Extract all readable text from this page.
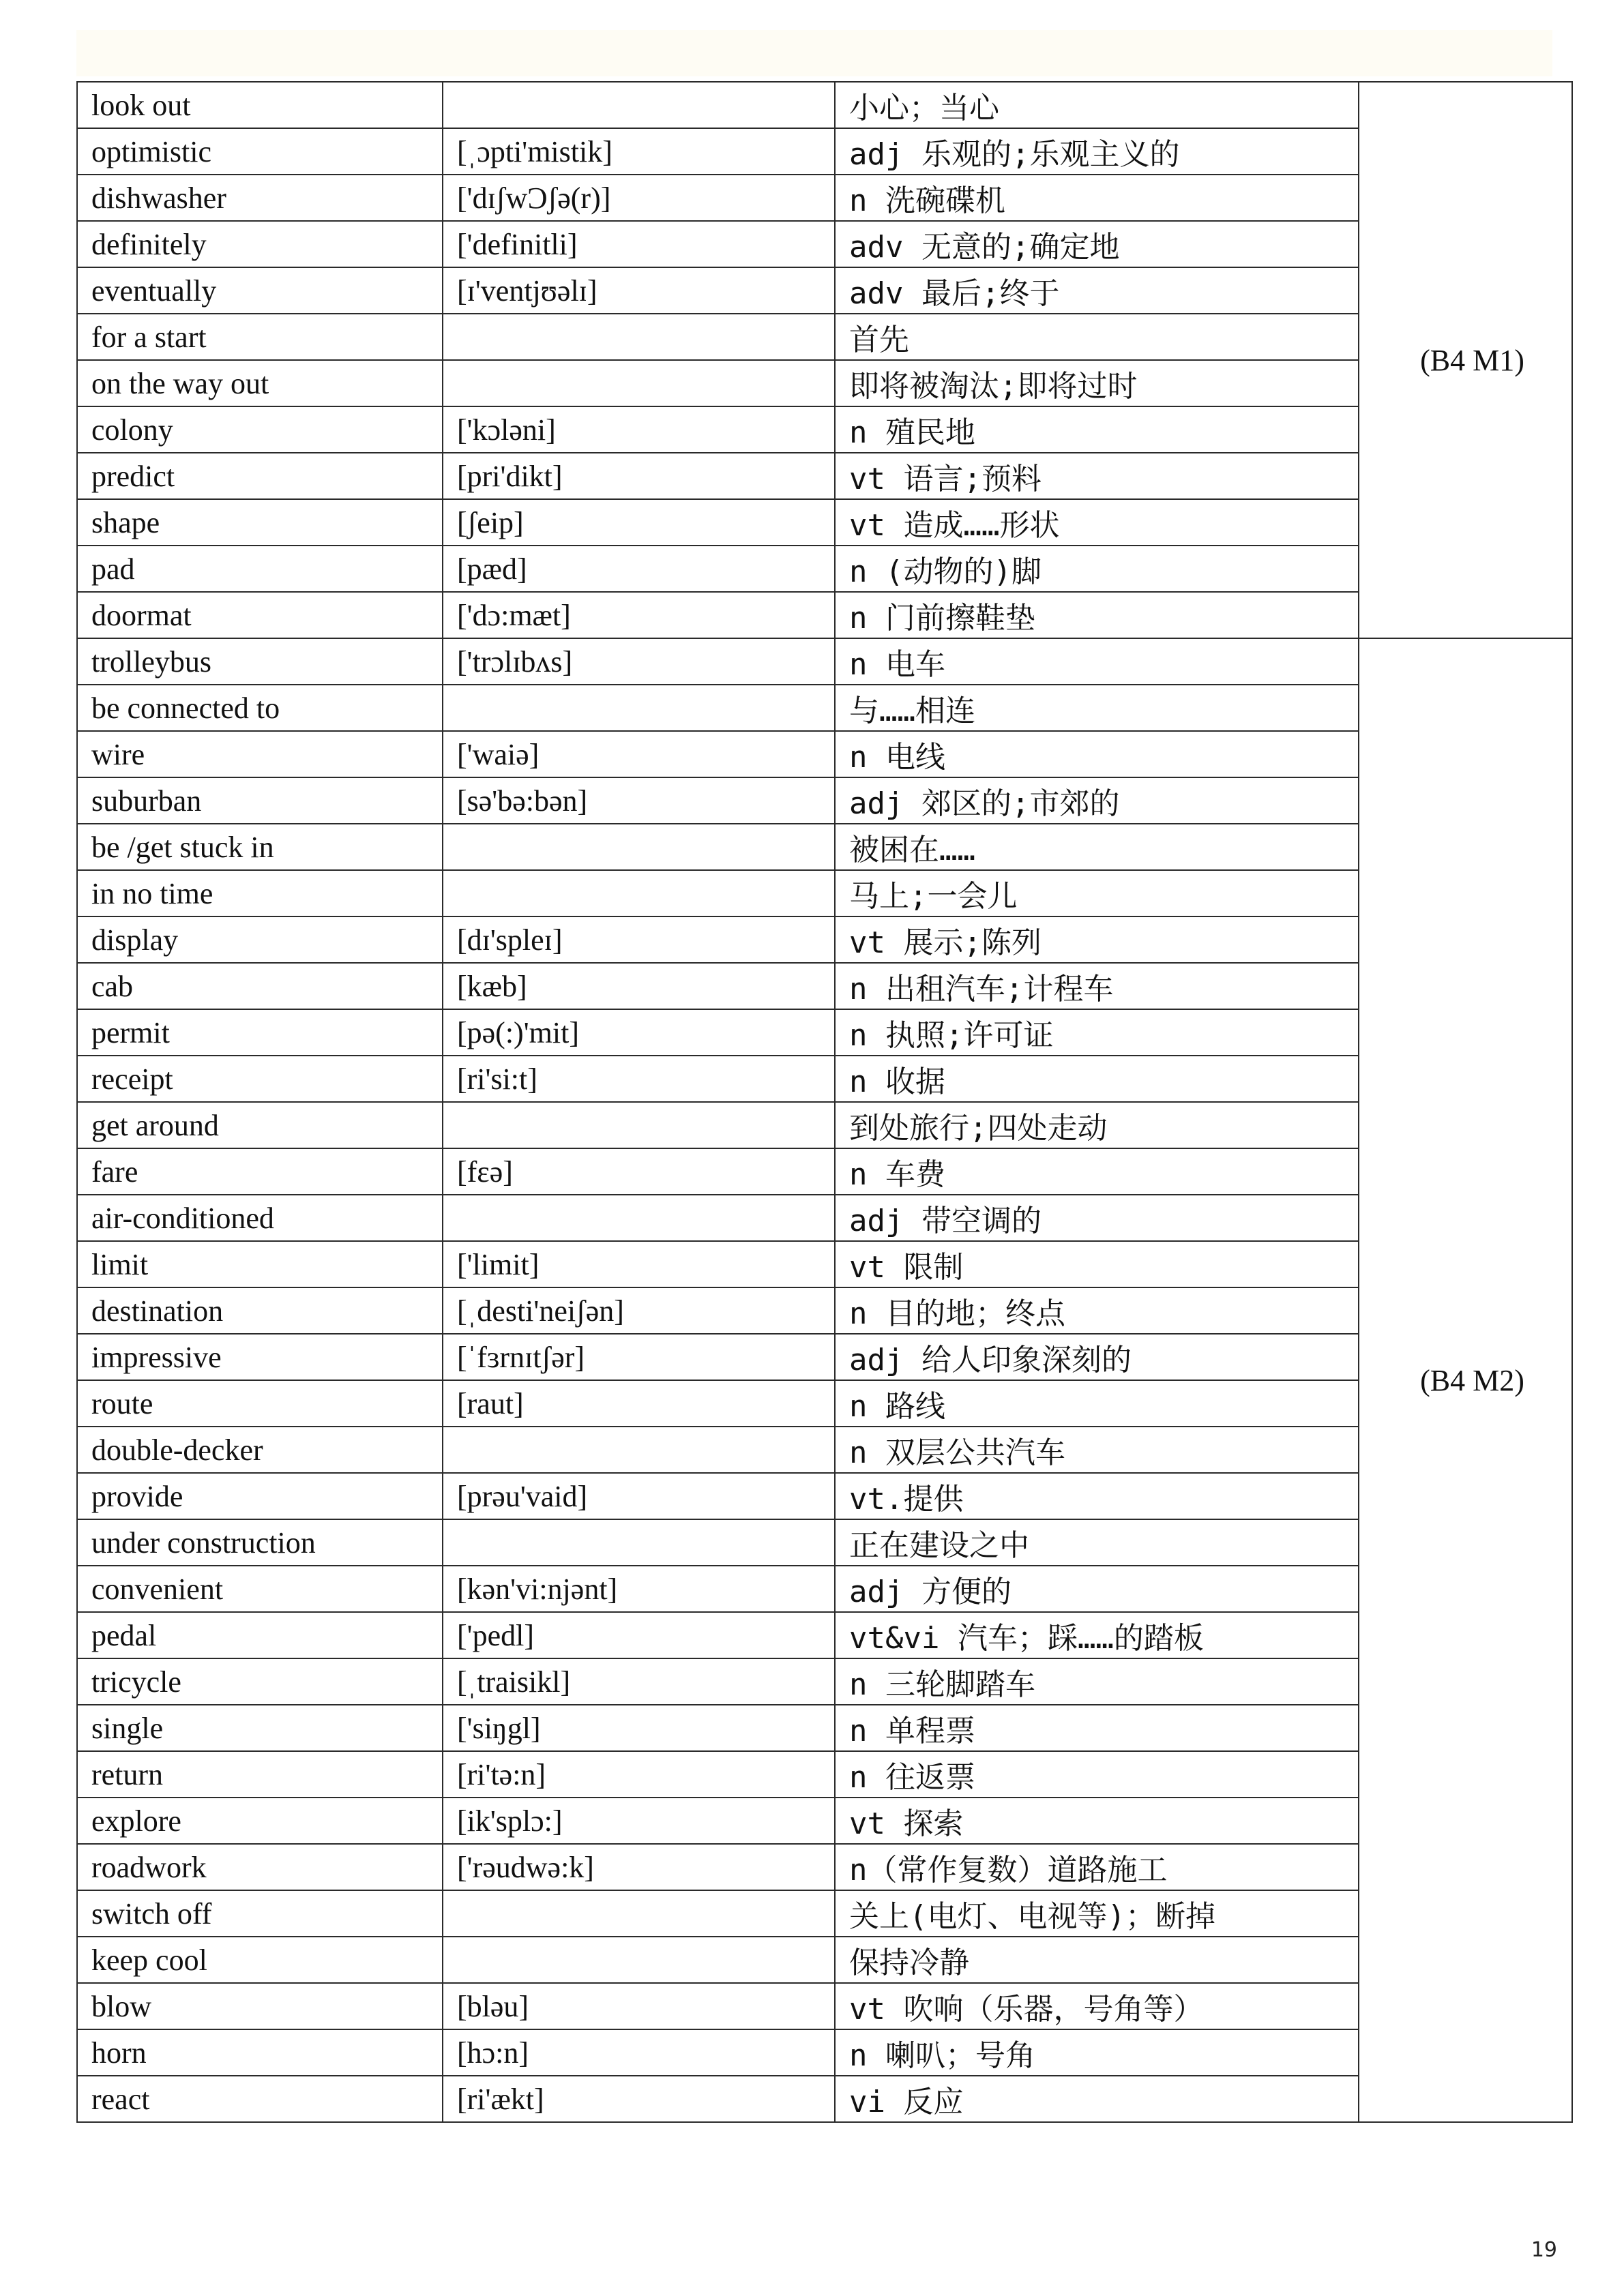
look out		小心；当心	(B4 M1)
optimistic	[ˌɔpti'mistik]	adj 乐观的;乐观主义的	
dishwasher	['dɪʃwƆʃə(r)]	n 洗碗碟机	
definitely	['definitli]	adv 无意的;确定地	
eventually	[ɪ'ventjʊəlɪ]	adv 最后;终于	
for a start		首先	
on the way out		即将被淘汰;即将过时	
colony	['kɔləni]	n 殖民地	
predict	[pri'dikt]	vt 语言;预料	
shape	[ʃeip]	vt 造成……形状	
pad	[pæd]	n (动物的)脚	
doormat	['dɔ:mæt]	n 门前擦鞋垫	
trolleybus	['trɔlɪbʌs]	n 电车	(B4 M2)
be connected to		与……相连	
wire	['waiə]	n 电线	
suburban	[sə'bə:bən]	adj 郊区的;市郊的	
be /get stuck in		被困在……	
in no time		马上;一会儿	
display	[dɪ'spleɪ]	vt 展示;陈列	
cab	[kæb]	n 出租汽车;计程车	
permit	[pə(:)'mit]	n 执照;许可证	
receipt	[ri'si:t]	n 收据	
get around		到处旅行;四处走动	
fare	[fɛə]	n 车费	
air-conditioned		adj 带空调的	
limit	['limit]	vt 限制	
destination	[ˌdesti'neiʃən]	n 目的地；终点	
impressive	[ˈfɜrnɪtʃər]	adj 给人印象深刻的	
route	[raut]	n 路线	
double-decker		n 双层公共汽车	
provide	[prəu'vaid]	vt.提供	
under construction		正在建设之中	
convenient	[kən'vi:njənt]	adj 方便的	
pedal	['pedl]	vt&vi 汽车；踩……的踏板	
tricycle	[ˌtraisikl]	n 三轮脚踏车	
single	['siŋgl]	n 单程票	
return	[ri'tə:n]	n 往返票	
explore	[ik'splɔ:]	vt 探索	
roadwork	['rəudwə:k]	n（常作复数）道路施工	
switch off		关上(电灯、电视等)；断掉	
keep cool		保持冷静	
blow	[bləu]	vt 吹响（乐器，号角等）	
horn	[hɔ:n]	n 喇叭；号角	
react	[ri'ækt]	vi 反应	
19
